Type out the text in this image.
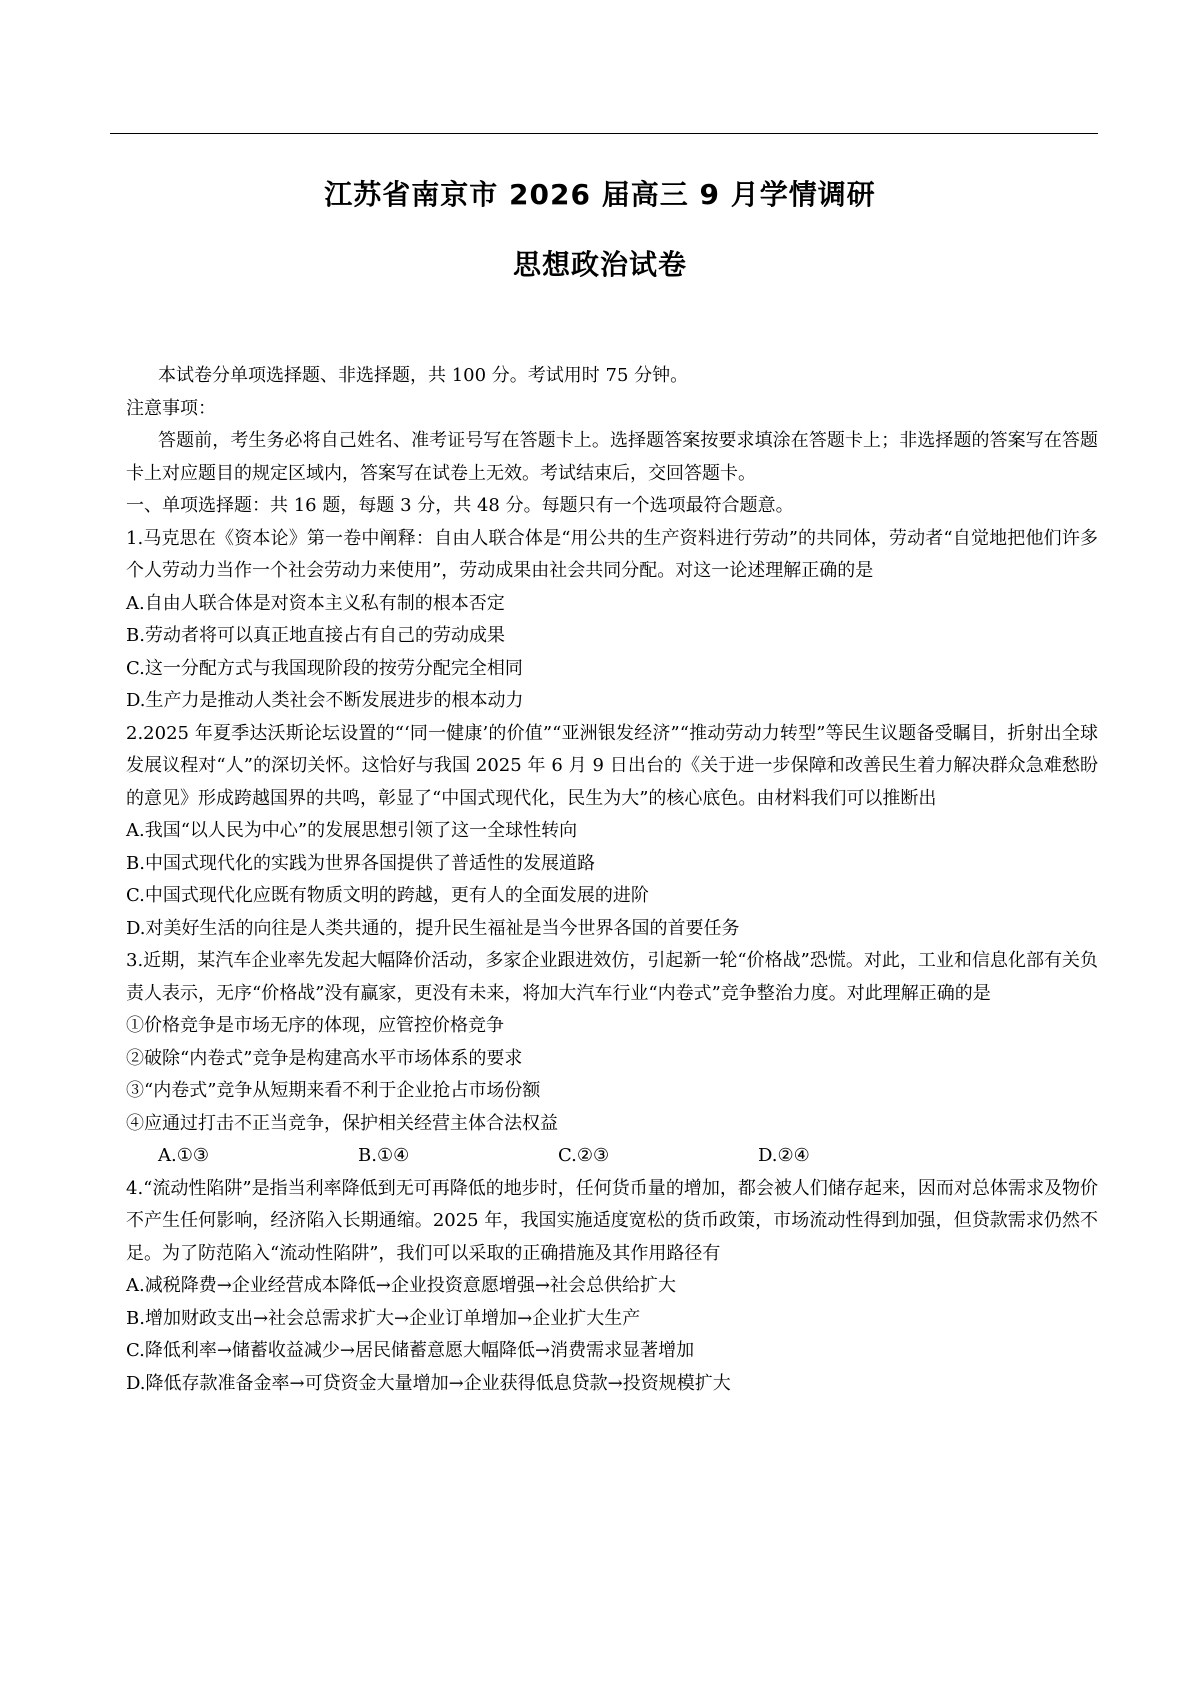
江苏省南京市 2026 届高三 9 月学情调研
思想政治试卷

本试卷分单项选择题、非选择题，共 100 分。考试用时 75 分钟。

注意事项：

答题前，考生务必将自己姓名、准考证号写在答题卡上。选择题答案按要求填涂在答题卡上；非选择题的答案写在答题卡上对应题目的规定区域内，答案写在试卷上无效。考试结束后，交回答题卡。

一、单项选择题：共 16 题，每题 3 分，共 48 分。每题只有一个选项最符合题意。

1.马克思在《资本论》第一卷中阐释：自由人联合体是“用公共的生产资料进行劳动”的共同体，劳动者“自觉地把他们许多个人劳动力当作一个社会劳动力来使用”，劳动成果由社会共同分配。对这一论述理解正确的是

A.自由人联合体是对资本主义私有制的根本否定

B.劳动者将可以真正地直接占有自己的劳动成果

C.这一分配方式与我国现阶段的按劳分配完全相同

D.生产力是推动人类社会不断发展进步的根本动力

2.2025 年夏季达沃斯论坛设置的“‘同一健康’的价值”“亚洲银发经济”“推动劳动力转型”等民生议题备受瞩目，折射出全球发展议程对“人”的深切关怀。这恰好与我国 2025 年 6 月 9 日出台的《关于进一步保障和改善民生着力解决群众急难愁盼的意见》形成跨越国界的共鸣，彰显了“中国式现代化，民生为大”的核心底色。由材料我们可以推断出

A.我国“以人民为中心”的发展思想引领了这一全球性转向

B.中国式现代化的实践为世界各国提供了普适性的发展道路

C.中国式现代化应既有物质文明的跨越，更有人的全面发展的进阶

D.对美好生活的向往是人类共通的，提升民生福祉是当今世界各国的首要任务

3.近期，某汽车企业率先发起大幅降价活动，多家企业跟进效仿，引起新一轮“价格战”恐慌。对此，工业和信息化部有关负责人表示，无序“价格战”没有赢家，更没有未来，将加大汽车行业“内卷式”竞争整治力度。对此理解正确的是

①价格竞争是市场无序的体现，应管控价格竞争

②破除“内卷式”竞争是构建高水平市场体系的要求

③“内卷式”竞争从短期来看不利于企业抢占市场份额

④应通过打击不正当竞争，保护相关经营主体合法权益

A.①③	B.①④	C.②③	D.②④

4.“流动性陷阱”是指当利率降低到无可再降低的地步时，任何货币量的增加，都会被人们储存起来，因而对总体需求及物价不产生任何影响，经济陷入长期通缩。2025 年，我国实施适度宽松的货币政策，市场流动性得到加强，但贷款需求仍然不足。为了防范陷入“流动性陷阱”，我们可以采取的正确措施及其作用路径有

A.减税降费→企业经营成本降低→企业投资意愿增强→社会总供给扩大

B.增加财政支出→社会总需求扩大→企业订单增加→企业扩大生产

C.降低利率→储蓄收益减少→居民储蓄意愿大幅降低→消费需求显著增加

D.降低存款准备金率→可贷资金大量增加→企业获得低息贷款→投资规模扩大
